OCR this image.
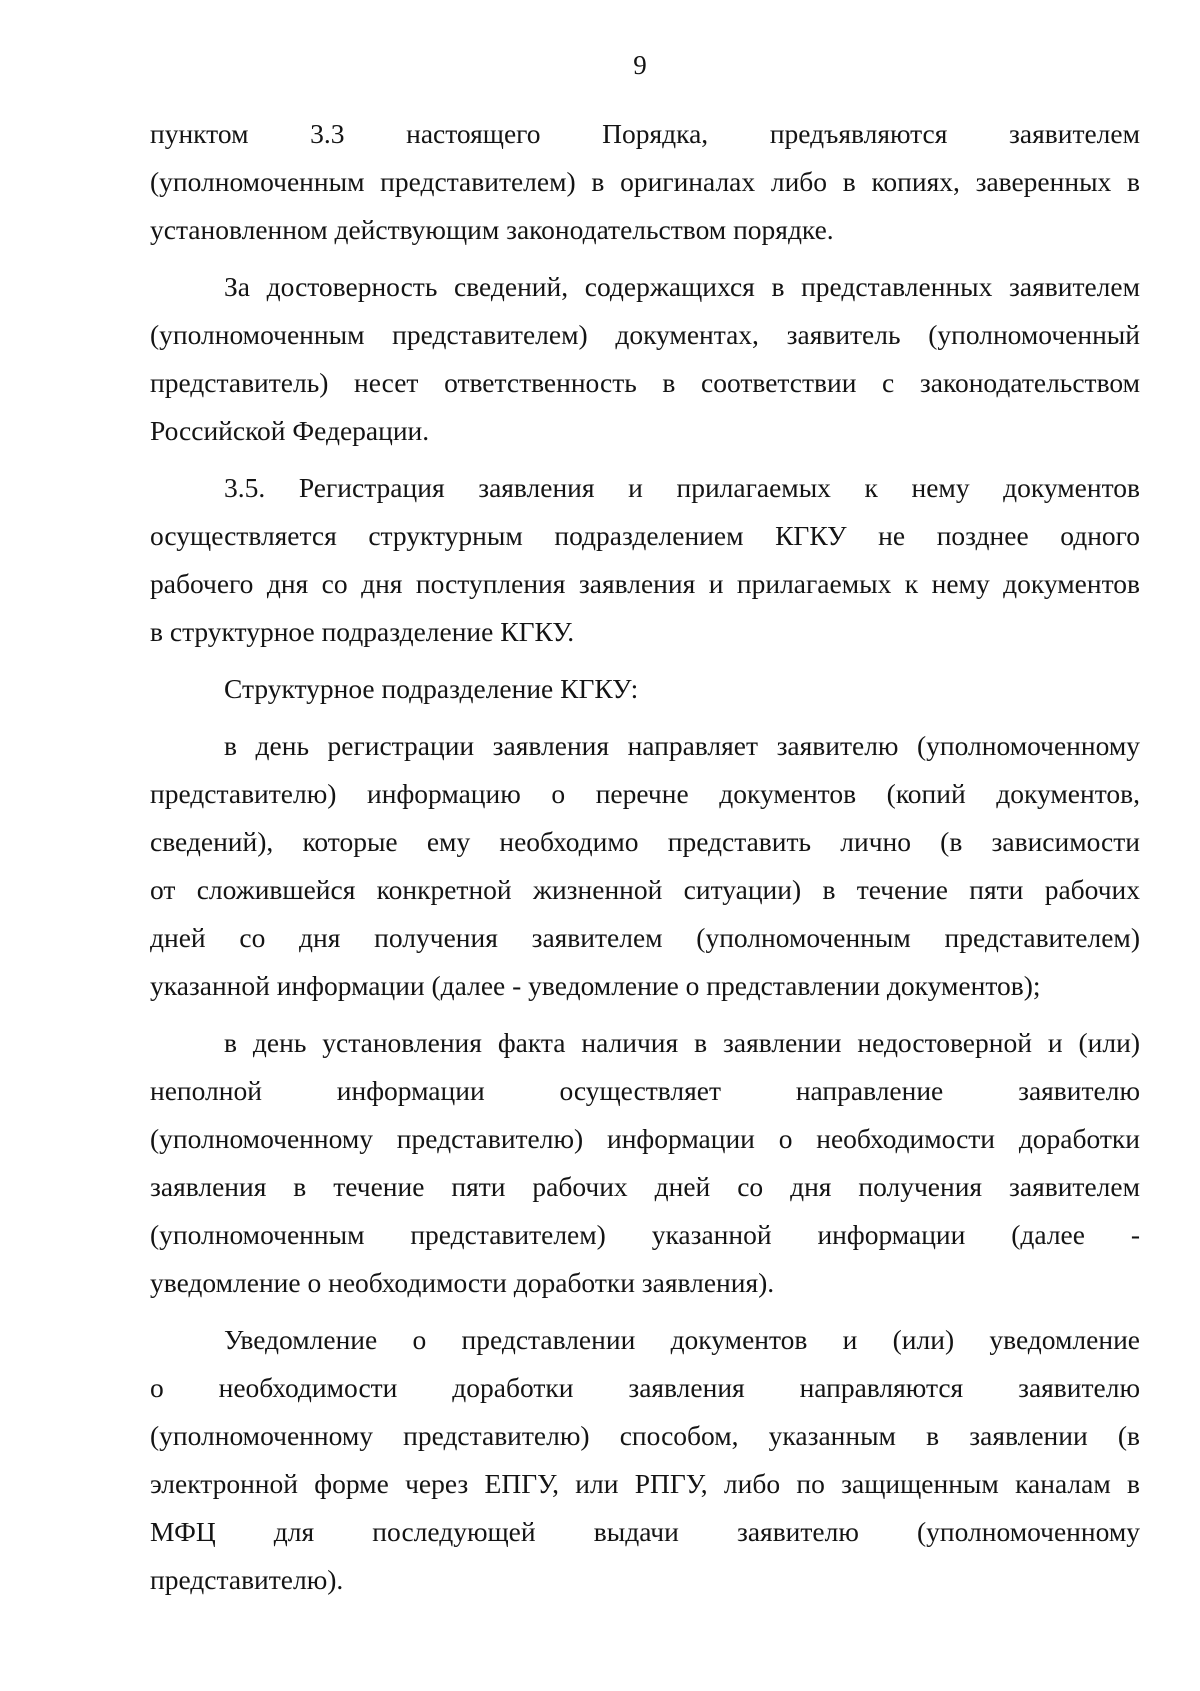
9
пунктом 3.3 настоящего Порядка, предъявляются заявителем
(уполномоченным представителем) в оригиналах либо в копиях, заверенных в
установленном действующим законодательством порядке.
За достоверность сведений, содержащихся в представленных заявителем
(уполномоченным представителем) документах, заявитель (уполномоченный
представитель) несет ответственность в соответствии с законодательством
Российской Федерации.
3.5. Регистрация заявления и прилагаемых к нему документов
осуществляется структурным подразделением КГКУ не позднее одного
рабочего дня со дня поступления заявления и прилагаемых к нему документов
в структурное подразделение КГКУ.
Структурное подразделение КГКУ:
в день регистрации заявления направляет заявителю (уполномоченному
представителю) информацию о перечне документов (копий документов,
сведений), которые ему необходимо представить лично (в зависимости
от сложившейся конкретной жизненной ситуации) в течение пяти рабочих
дней со дня получения заявителем (уполномоченным представителем)
указанной информации (далее - уведомление о представлении документов);
в день установления факта наличия в заявлении недостоверной и (или)
неполной информации осуществляет направление заявителю
(уполномоченному представителю) информации о необходимости доработки
заявления в течение пяти рабочих дней со дня получения заявителем
(уполномоченным представителем) указанной информации (далее -
уведомление о необходимости доработки заявления).
Уведомление о представлении документов и (или) уведомление
о необходимости доработки заявления направляются заявителю
(уполномоченному представителю) способом, указанным в заявлении (в
электронной форме через ЕПГУ, или РПГУ, либо по защищенным каналам в
МФЦ для последующей выдачи заявителю (уполномоченному
представителю).
